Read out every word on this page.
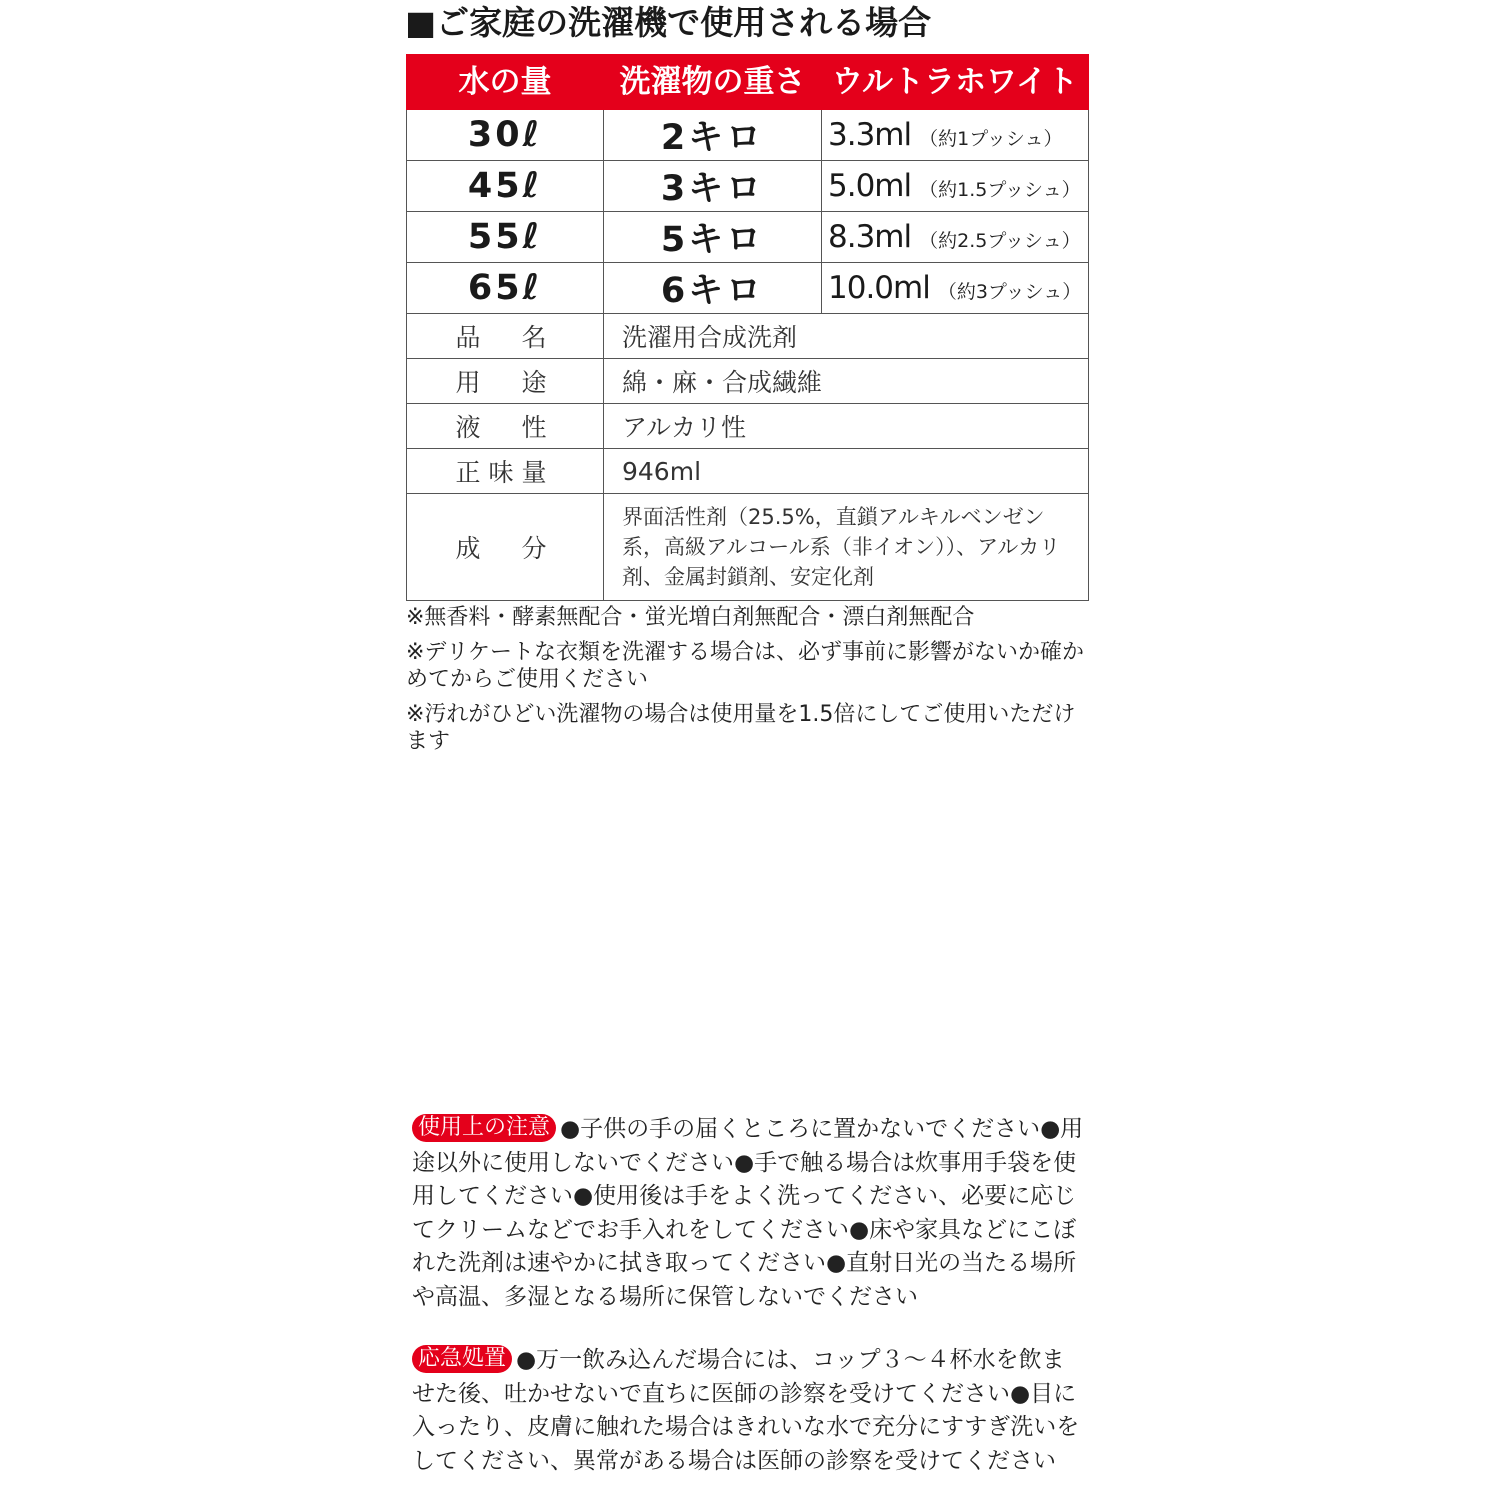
■ご家庭の洗濯機で使用される場合
水の量	洗濯物の重さ	ウルトラホワイト
30ℓ	2キロ	3.3ml （約1プッシュ）
45ℓ	3キロ	5.0ml （約1.5プッシュ）
55ℓ	5キロ	8.3ml （約2.5プッシュ）
65ℓ	6キロ	10.0ml （約3プッシュ）
品　名	洗濯用合成洗剤	
用　途	綿・麻・合成繊維	
液　性	アルカリ性	
正味量	946ml	
成　分	界面活性剤（25.5%，直鎖アルキルベンゼン系，高級アルコール系（非イオン））、アルカリ剤、金属封鎖剤、安定化剤	
※無香料・酵素無配合・蛍光増白剤無配合・漂白剤無配合
※デリケートな衣類を洗濯する場合は、必ず事前に影響がないか確かめてからご使用ください
※汚れがひどい洗濯物の場合は使用量を1.5倍にしてご使用いただけます
使用上の注意 ●子供の手の届くところに置かないでください●用途以外に使用しないでください●手で触る場合は炊事用手袋を使用してください●使用後は手をよく洗ってください、必要に応じてクリームなどでお手入れをしてください●床や家具などにこぼれた洗剤は速やかに拭き取ってください●直射日光の当たる場所や高温、多湿となる場所に保管しないでください
応急処置 ●万一飲み込んだ場合には、コップ３～４杯水を飲ませた後、吐かせないで直ちに医師の診察を受けてください●目に入ったり、皮膚に触れた場合はきれいな水で充分にすすぎ洗いをしてください、異常がある場合は医師の診察を受けてください
